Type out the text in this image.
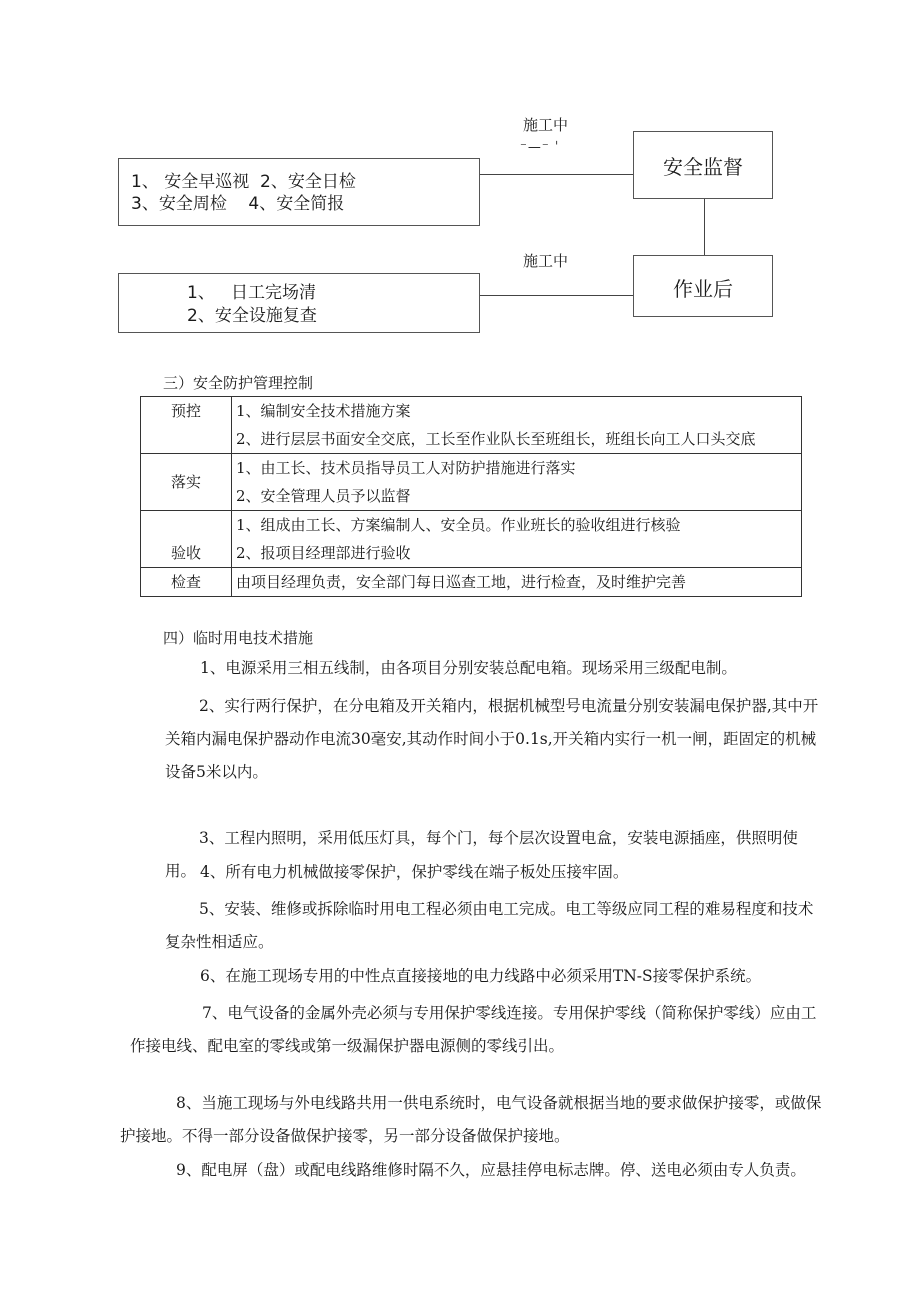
施工中
⁻—⁻ ˈ
1、 安全早巡视  2、安全日检
3、安全周检    4、安全简报
安全监督
施工中
1、   日工完场清
2、安全设施复查
作业后
三）安全防护管理控制
预控	1、编制安全技术措施方案
2、进行层层书面安全交底，工长至作业队长至班组长，班组长向工人口头交底

落实	1、由工长、技术员指导员工人对防护措施进行落实
2、安全管理人员予以监督

验收	1、组成由工长、方案编制人、安全员。作业班长的验收组进行核验
2、报项目经理部进行验收

检查	由项目经理负责，安全部门每日巡查工地，进行检查，及时维护完善
四）临时用电技术措施
1、电源采用三相五线制，由各项目分别安装总配电箱。现场采用三级配电制。
2、实行两行保护，在分电箱及开关箱内，根据机械型号电流量分别安装漏电保护器,其中开关箱内漏电保护器动作电流30毫安,其动作时间小于0.1s,开关箱内实行一机一闸，距固定的机械设备5米以内。
3、工程内照明，采用低压灯具，每个门，每个层次设置电盒，安装电源插座，供照明使用。 4、所有电力机械做接零保护，保护零线在端子板处压接牢固。
5、安装、维修或拆除临时用电工程必须由电工完成。电工等级应同工程的难易程度和技术复杂性相适应。
6、在施工现场专用的中性点直接接地的电力线路中必须采用TN-S接零保护系统。
7、电气设备的金属外壳必须与专用保护零线连接。专用保护零线（简称保护零线）应由工作接电线、配电室的零线或第一级漏保护器电源侧的零线引出。
8、当施工现场与外电线路共用一供电系统时，电气设备就根据当地的要求做保护接零，或做保护接地。不得一部分设备做保护接零，另一部分设备做保护接地。
9、配电屏（盘）或配电线路维修时隔不久，应悬挂停电标志牌。停、送电必须由专人负责。
